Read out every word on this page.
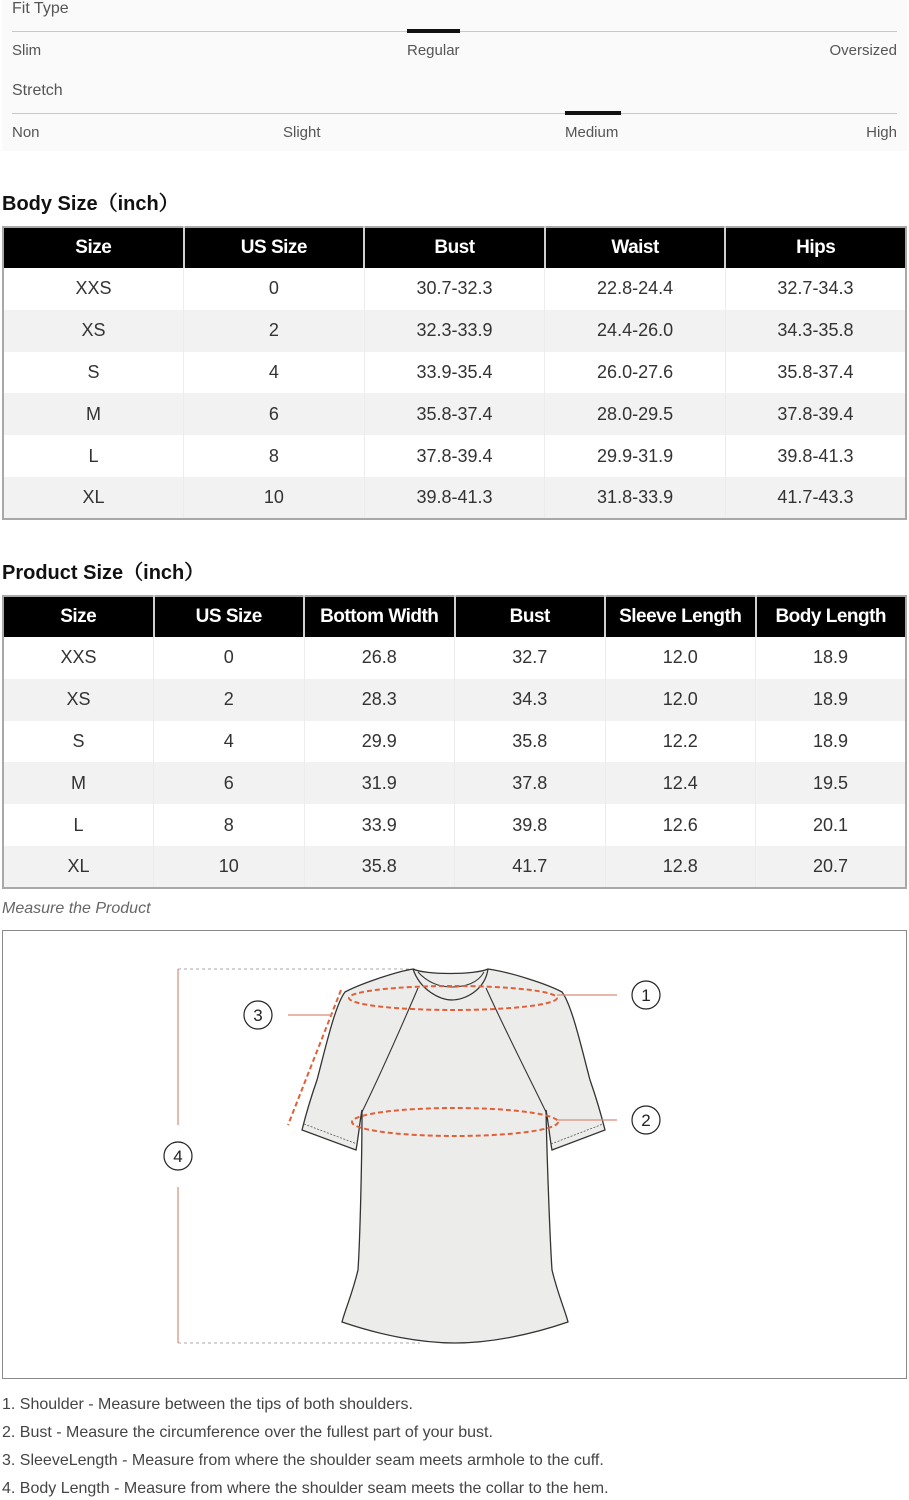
Fit Type
Slim	Regular	Oversized
Stretch
Non	Slight	Medium	High
Body Size（inch）
Size	US Size	Bust	Waist	Hips
XXS	0	30.7-32.3	22.8-24.4	32.7-34.3
XS	2	32.3-33.9	24.4-26.0	34.3-35.8
S	4	33.9-35.4	26.0-27.6	35.8-37.4
M	6	35.8-37.4	28.0-29.5	37.8-39.4
L	8	37.8-39.4	29.9-31.9	39.8-41.3
XL	10	39.8-41.3	31.8-33.9	41.7-43.3
Product Size（inch）
Size	US Size	Bottom Width	Bust	Sleeve Length	Body Length
XXS	0	26.8	32.7	12.0	18.9
XS	2	28.3	34.3	12.0	18.9
S	4	29.9	35.8	12.2	18.9
M	6	31.9	37.8	12.4	19.5
L	8	33.9	39.8	12.6	20.1
XL	10	35.8	41.7	12.8	20.7
Measure the Product
1
2
3
4
1. Shoulder - Measure between the tips of both shoulders.
2. Bust - Measure the circumference over the fullest part of your bust.
3. SleeveLength - Measure from where the shoulder seam meets armhole to the cuff.
4. Body Length - Measure from where the shoulder seam meets the collar to the hem.
